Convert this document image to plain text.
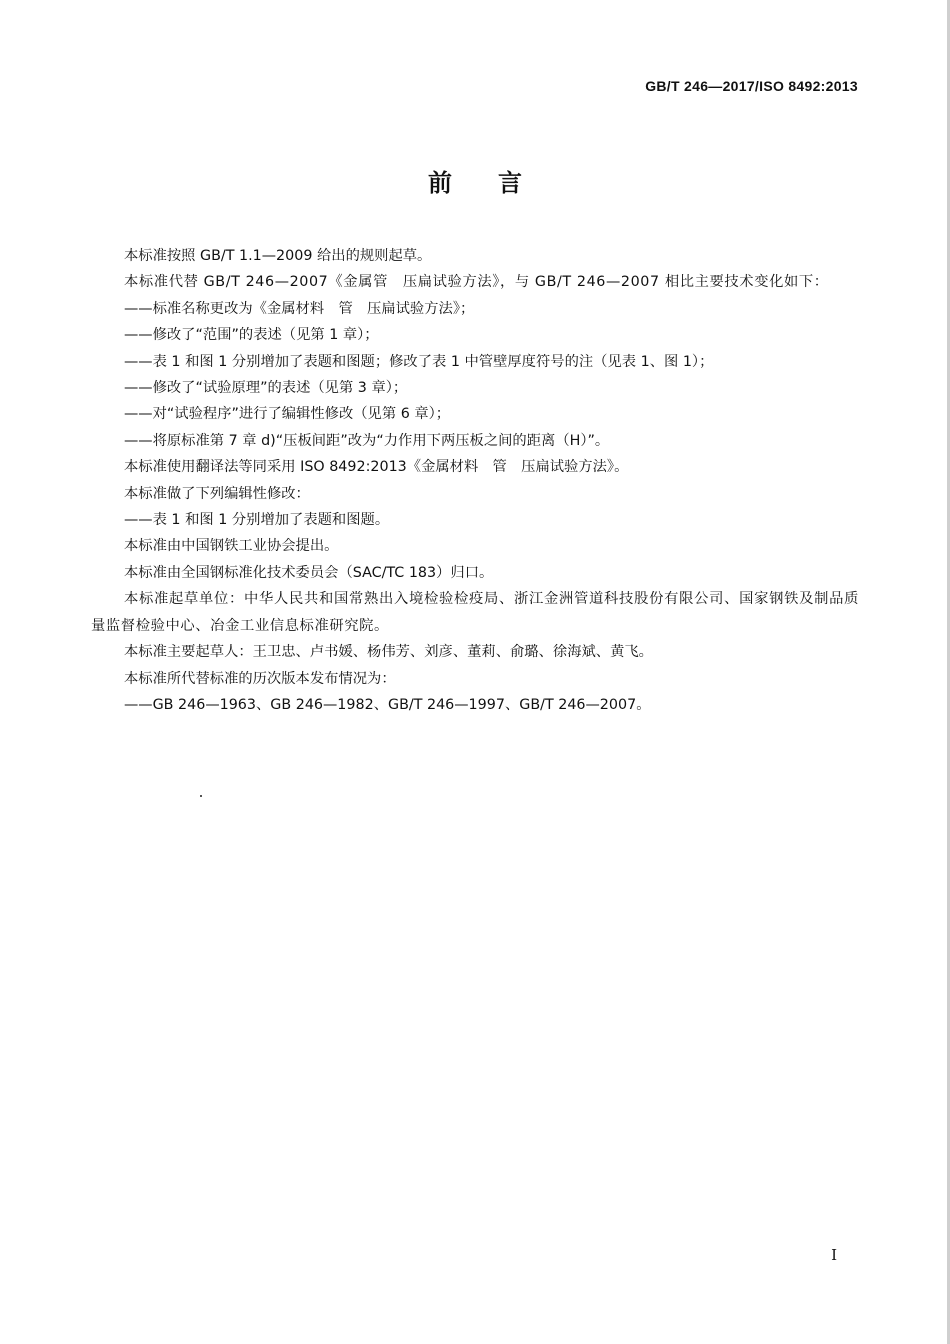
GB/T 246—2017/ISO 8492:2013
前言

本标准按照 GB/T 1.1—2009 给出的规则起草。

本标准代替 GB/T 246—2007《金属管　压扁试验方法》，与 GB/T 246—2007 相比主要技术变化如下：

——标准名称更改为《金属材料　管　压扁试验方法》；

——修改了“范围”的表述（见第 1 章）；

——表 1 和图 1 分别增加了表题和图题；修改了表 1 中管壁厚度符号的注（见表 1、图 1）；

——修改了“试验原理”的表述（见第 3 章）；

——对“试验程序”进行了编辑性修改（见第 6 章）；

——将原标准第 7 章 d)“压板间距”改为“力作用下两压板之间的距离（H）”。

本标准使用翻译法等同采用 ISO 8492:2013《金属材料　管　压扁试验方法》。

本标准做了下列编辑性修改：

——表 1 和图 1 分别增加了表题和图题。

本标准由中国钢铁工业协会提出。

本标准由全国钢标准化技术委员会（SAC/TC 183）归口。

本标准起草单位：中华人民共和国常熟出入境检验检疫局、浙江金洲管道科技股份有限公司、国家钢铁及制品质量监督检验中心、冶金工业信息标准研究院。

本标准主要起草人：王卫忠、卢书媛、杨伟芳、刘彦、董莉、俞璐、徐海斌、黄飞。

本标准所代替标准的历次版本发布情况为：

——GB 246—1963、GB 246—1982、GB/T 246—1997、GB/T 246—2007。

I
